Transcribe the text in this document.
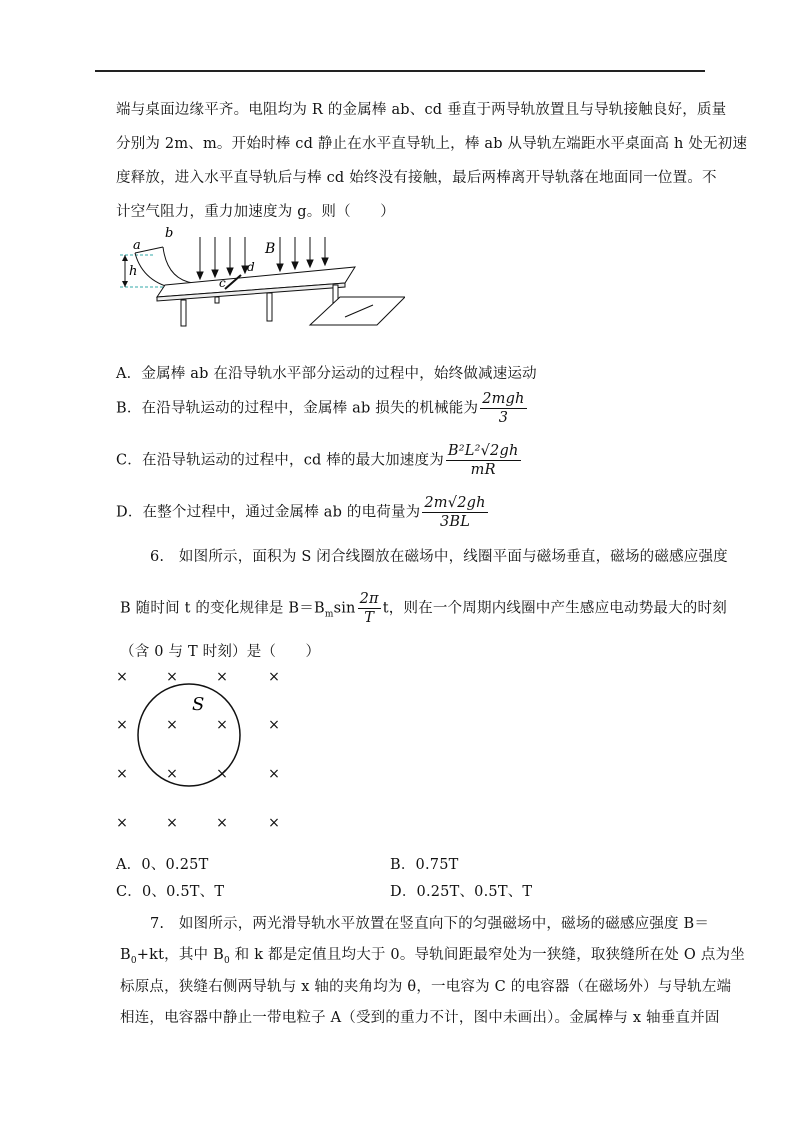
端与桌面边缘平齐。电阻均为 R 的金属棒 ab、cd 垂直于两导轨放置且与导轨接触良好，质量
分别为 2m、m。开始时棒 cd 静止在水平直导轨上，棒 ab 从导轨左端距水平桌面高 h 处无初速
度释放，进入水平直导轨后与棒 cd 始终没有接触，最后两棒离开导轨落在地面同一位置。不
计空气阻力，重力加速度为 g。则（　　）
h
a
b
c
d
B
A．金属棒 ab 在沿导轨水平部分运动的过程中，始终做减速运动
B．在沿导轨运动的过程中，金属棒 ab 损失的机械能为 $\frac{\text{2mgh}}{3}$
C．在沿导轨运动的过程中，cd 棒的最大加速度为 $\frac{\text{B²L²√2gh}}{mR}$
D．在整个过程中，通过金属棒 ab 的电荷量为 $\frac{2m√2gh}{3BL}$
6.　如图所示，面积为 S 闭合线圈放在磁场中，线圈平面与磁场垂直，磁场的磁感应强度
B 随时间 t 的变化规律是 $B=B_m\sin \frac{2\pi}{T}$ t，则在一个周期内线圈中产生感应电动势最大的时刻
（含 0 与 T 时刻）是（　　）
×	×	×	×
×	×	×	×
×	×	×	×
×	×	×	×
S
A．0、0.25T	B．0.75T
C．0、0.5T、T	D．0.25T、0.5T、T
7.　如图所示，两光滑导轨水平放置在竖直向下的匀强磁场中，磁场的磁感应强度 B＝
$B_0+kt$，其中 $B_0$ 和 k 都是定值且均大于 0。导轨间距最窄处为一狭缝，取狭缝所在处 O 点为坐
标原点，狭缝右侧两导轨与 x 轴的夹角均为 θ，一电容为 C 的电容器（在磁场外）与导轨左端
相连，电容器中静止一带电粒子 A（受到的重力不计，图中未画出）。金属棒与 x 轴垂直并固
